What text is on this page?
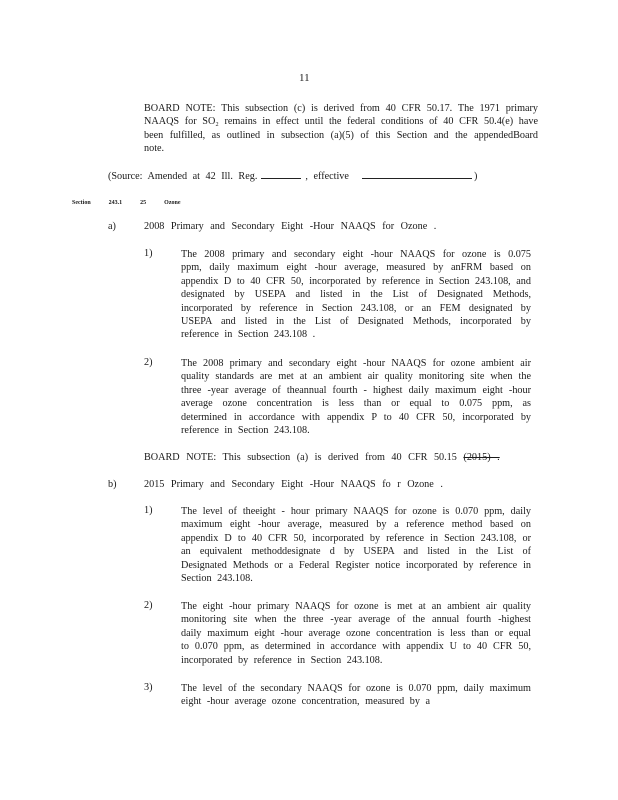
11
BOARD NOTE: This subsection (c) is derived from 40 CFR 50.17. The 1971 primary NAAQS for SO₂ remains in effect until the federal conditions of 40 CFR 50.4(e) have been fulfilled, as outlined in subsection (a)(5) of this Section and the appendedBoard note.
(Source: Amended at 42 Ill. Reg.	, effective	)
Section	243.1	25	Ozone
a)	2008 Primary and Secondary Eight -Hour NAAQS for Ozone .
1)	The 2008 primary and secondary eight -hour NAAQS for ozone is 0.075 ppm, daily maximum eight -hour average, measured by anFRM based on appendix D to 40 CFR 50, incorporated by reference in Section 243.108, and designated by USEPA and listed in the List of Designated Methods, incorporated by reference in Section 243.108, or an FEM designated by USEPA and listed in the List of Designated Methods, incorporated by reference in Section 243.108 .
2)	The 2008 primary and secondary eight -hour NAAQS for ozone ambient air quality standards are met at an ambient air quality monitoring site when the three -year average of theannual fourth - highest daily maximum eight -hour average ozone concentration is less than or equal to 0.075 ppm, as determined in accordance with appendix P to 40 CFR 50, incorporated by reference in Section 243.108.
BOARD NOTE: This subsection (a) is derived from 40 CFR 50.15 (2015) .
b)	2015 Primary and Secondary Eight -Hour NAAQS fo r Ozone .
1)	The level of theeight - hour primary NAAQS for ozone is 0.070 ppm, daily maximum eight -hour average, measured by a reference method based on appendix D to 40 CFR 50, incorporated by reference in Section 243.108, or an equivalent methoddesignate d by USEPA and listed in the List of Designated Methods or a Federal Register notice incorporated by reference in Section 243.108.
2)	The eight -hour primary NAAQS for ozone is met at an ambient air quality monitoring site when the three -year average of the annual fourth -highest daily maximum eight -hour average ozone concentration is less than or equal to 0.070 ppm, as determined in accordance with appendix U to 40 CFR 50, incorporated by reference in Section 243.108.
3)	The level of the secondary NAAQS for ozone is 0.070 ppm, daily maximum eight -hour average ozone concentration, measured by a
